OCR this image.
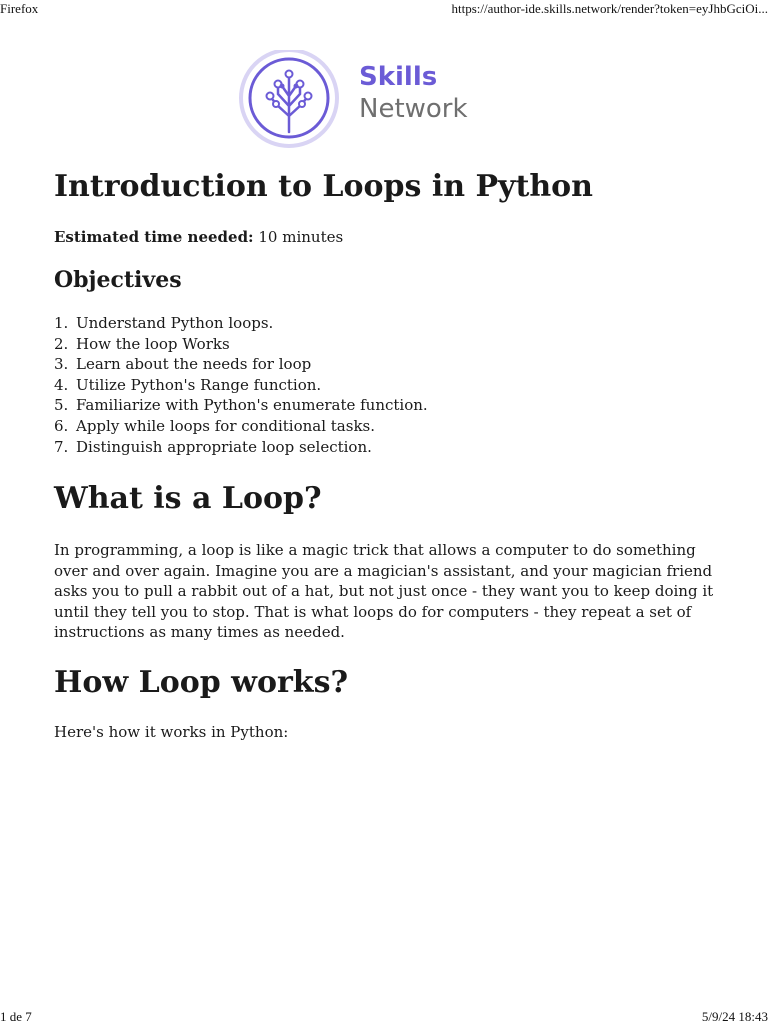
Firefox	https://author-ide.skills.network/render?token=eyJhbGciOi...
Skills
Network
Introduction to Loops in Python

Estimated time needed: 10 minutes

Objectives
1. Understand Python loops.
2. How the loop Works
3. Learn about the needs for loop
4. Utilize Python's Range function.
5. Familiarize with Python's enumerate function.
6. Apply while loops for conditional tasks.
7. Distinguish appropriate loop selection.
What is a Loop?

In programming, a loop is like a magic trick that allows a computer to do something over and over again. Imagine you are a magician's assistant, and your magician friend asks you to pull a rabbit out of a hat, but not just once - they want you to keep doing it until they tell you to stop. That is what loops do for computers - they repeat a set of instructions as many times as needed.

How Loop works?

Here's how it works in Python:

1 de 7	5/9/24 18:43
